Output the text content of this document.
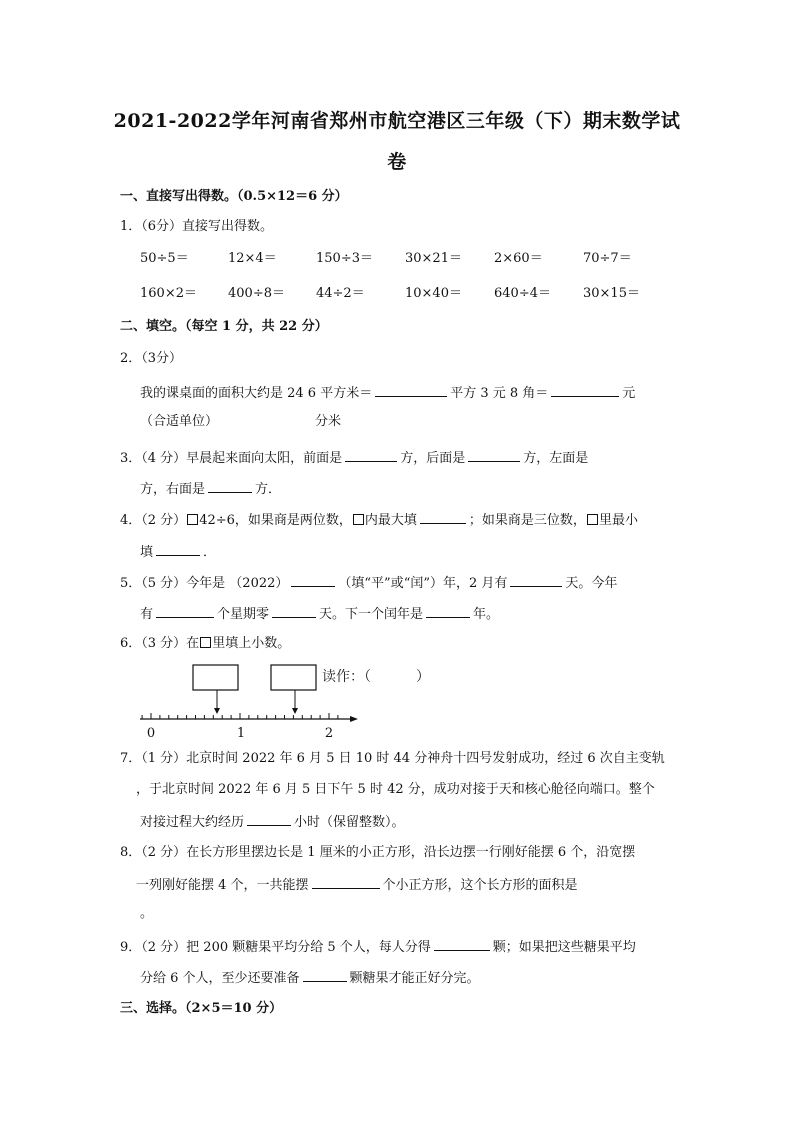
2021-2022学年河南省郑州市航空港区三年级（下）期末数学试
卷
一、直接写出得数。（0.5×12＝6 分）
1．（6分）直接写出得数。
50÷5＝	12×4＝	150÷3＝ 30×21＝ 2×60＝	70÷7＝
160×2＝ 400÷8＝ 44÷2＝	10×40＝ 640÷4＝ 30×15＝
二、填空。（每空 1 分，共 22 分）
2．（3分）
我的课桌面的面积大约是 24 6 平方米＝	平方 3 元 8 角＝	元
（合适单位）	分米
3．（4 分）早晨起来面向太阳，前面是	方，后面是	方，左面是
方，右面是	方．
4．（2 分） 42÷6，如果商是两位数， 内最大填	；如果商是三位数， 里最小
填	．
5．（5 分）今年是 （2022）	（填“平”或“闰”）年，2 月有	天。今年
有	个星期零	天。下一个闰年是	年。
6．（3 分）在 里填上小数。
读作：（	）
0	1	2
7．（1 分）北京时间 2022 年 6 月 5 日 10 时 44 分神舟十四号发射成功，经过 6 次自主变轨
，于北京时间 2022 年 6 月 5 日下午 5 时 42 分，成功对接于天和核心舱径向端口。整个
对接过程大约经历	小时（保留整数）。
8．（2 分）在长方形里摆边长是 1 厘米的小正方形，沿长边摆一行刚好能摆 6 个，沿宽摆
一列刚好能摆 4 个，一共能摆	个小正方形，这个长方形的面积是
。
9．（2 分）把 200 颗糖果平均分给 5 个人，每人分得	颗；如果把这些糖果平均
分给 6 个人，至少还要准备	颗糖果才能正好分完。
三、选择。（2×5＝10 分）
